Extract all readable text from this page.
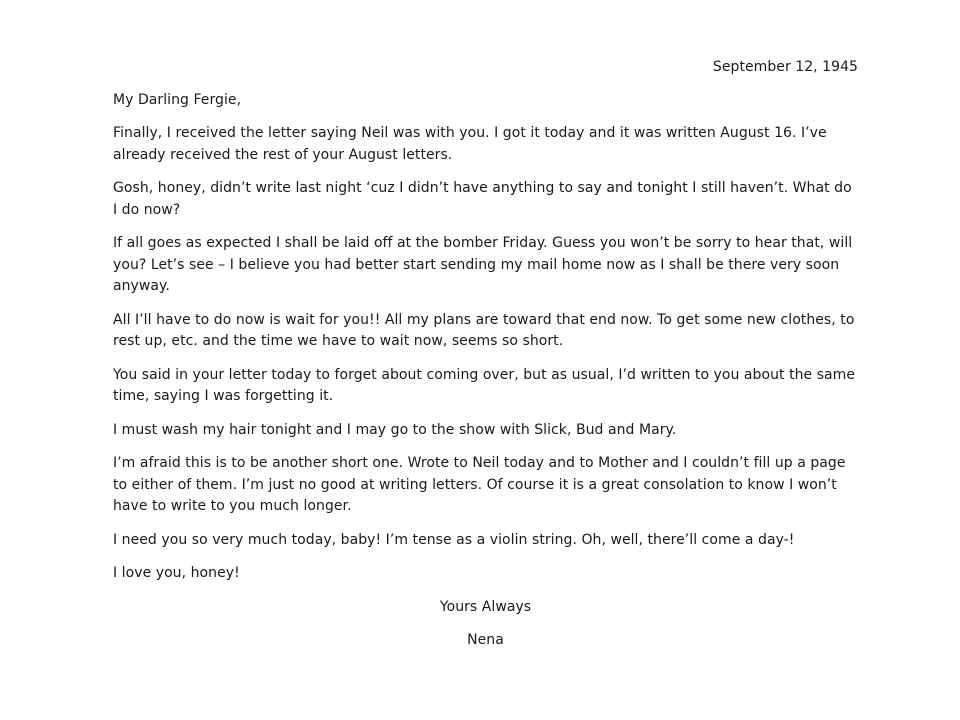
September 12, 1945
My Darling Fergie,

Finally, I received the letter saying Neil was with you. I got it today and it was written August 16. I’ve already received the rest of your August letters.

Gosh, honey, didn’t write last night ‘cuz I didn’t have anything to say and tonight I still haven’t. What do I do now?

If all goes as expected I shall be laid off at the bomber Friday. Guess you won’t be sorry to hear that, will you? Let’s see – I believe you had better start sending my mail home now as I shall be there very soon anyway.

All I’ll have to do now is wait for you!! All my plans are toward that end now. To get some new clothes, to rest up, etc. and the time we have to wait now, seems so short.

You said in your letter today to forget about coming over, but as usual, I’d written to you about the same time, saying I was forgetting it.

I must wash my hair tonight and I may go to the show with Slick, Bud and Mary.

I’m afraid this is to be another short one. Wrote to Neil today and to Mother and I couldn’t fill up a page to either of them. I’m just no good at writing letters. Of course it is a great consolation to know I won’t have to write to you much longer.

I need you so very much today, baby! I’m tense as a violin string. Oh, well, there’ll come a day-!

I love you, honey!

Yours Always
Nena
